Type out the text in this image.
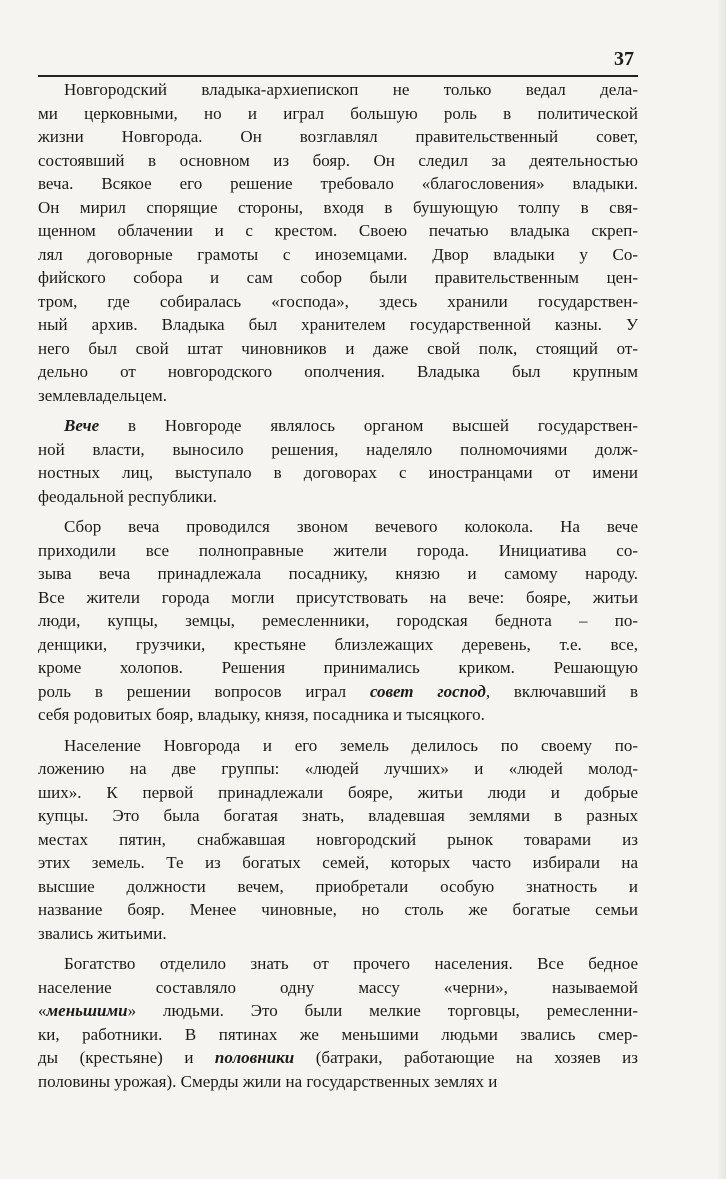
37
Новгородский владыка-архиепископ не только ведал дела-
ми церковными, но и играл большую роль в политической
жизни Новгорода. Он возглавлял правительственный совет,
состоявший в основном из бояр. Он следил за деятельностью
веча. Всякое его решение требовало «благословения» владыки.
Он мирил спорящие стороны, входя в бушующую толпу в свя-
щенном облачении и с крестом. Своею печатью владыка скреп-
лял договорные грамоты с иноземцами. Двор владыки у Со-
фийского собора и сам собор были правительственным цен-
тром, где собиралась «господа», здесь хранили государствен-
ный архив. Владыка был хранителем государственной казны. У
него был свой штат чиновников и даже свой полк, стоящий от-
дельно от новгородского ополчения. Владыка был крупным
землевладельцем.
Вече в Новгороде являлось органом высшей государствен-
ной власти, выносило решения, наделяло полномочиями долж-
ностных лиц, выступало в договорах с иностранцами от имени
феодальной республики.
Сбор веча проводился звоном вечевого колокола. На вече
приходили все полноправные жители города. Инициатива со-
зыва веча принадлежала посаднику, князю и самому народу.
Все жители города могли присутствовать на вече: бояре, житьи
люди, купцы, земцы, ремесленники, городская беднота – по-
денщики, грузчики, крестьяне близлежащих деревень, т.е. все,
кроме холопов. Решения принимались криком. Решающую
роль в решении вопросов играл совет господ, включавший в
себя родовитых бояр, владыку, князя, посадника и тысяцкого.
Население Новгорода и его земель делилось по своему по-
ложению на две группы: «людей лучших» и «людей молод-
ших». К первой принадлежали бояре, житьи люди и добрые
купцы. Это была богатая знать, владевшая землями в разных
местах пятин, снабжавшая новгородский рынок товарами из
этих земель. Те из богатых семей, которых часто избирали на
высшие должности вечем, приобретали особую знатность и
название бояр. Менее чиновные, но столь же богатые семьи
звались житьими.
Богатство отделило знать от прочего населения. Все бедное
население составляло одну массу «черни», называемой
«меньшими» людьми. Это были мелкие торговцы, ремесленни-
ки, работники. В пятинах же меньшими людьми звались смер-
ды (крестьяне) и половники (батраки, работающие на хозяев из
половины урожая). Смерды жили на государственных землях и
